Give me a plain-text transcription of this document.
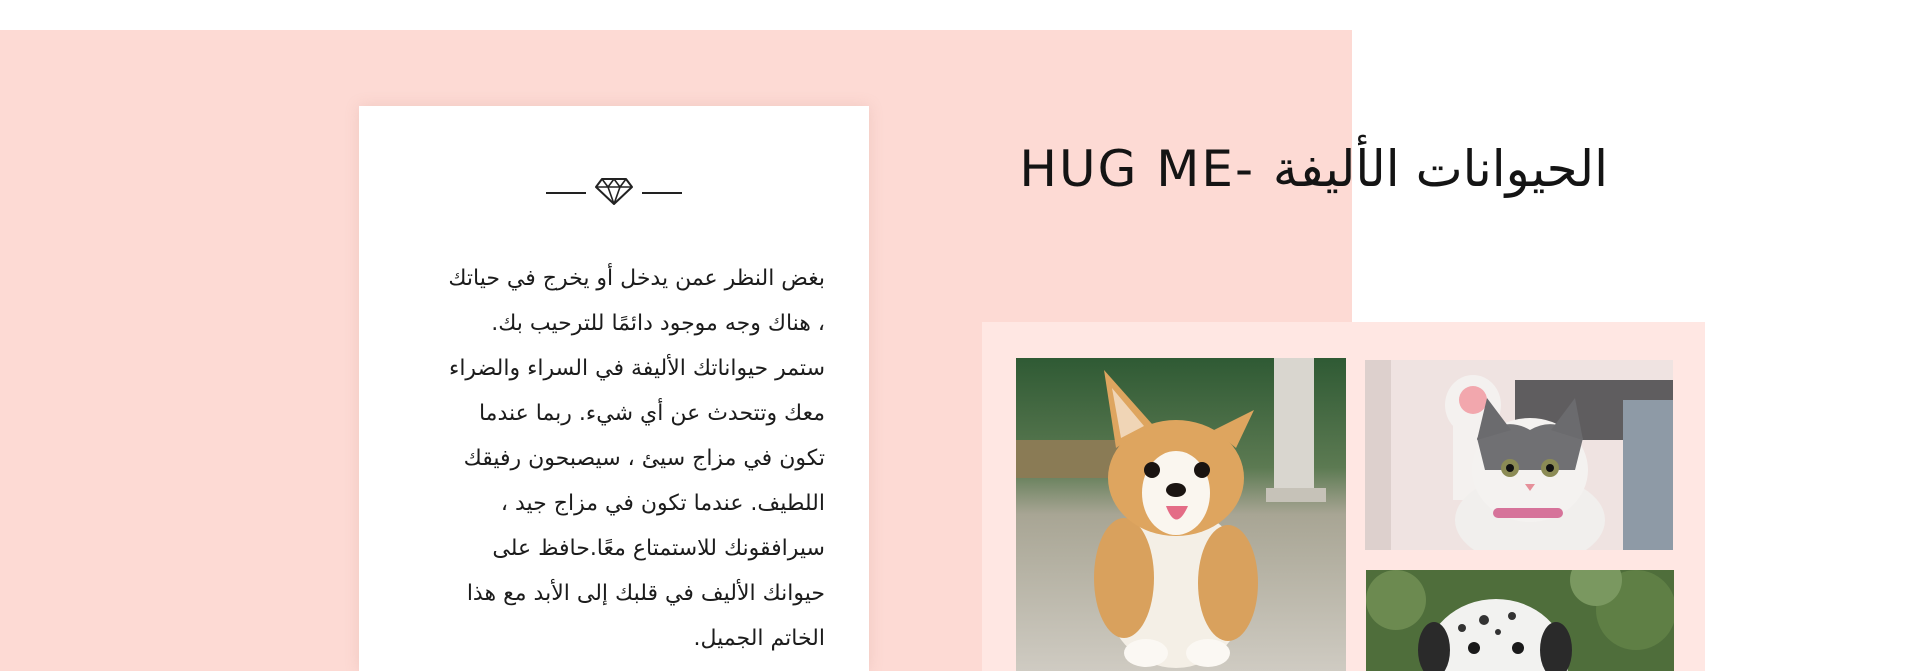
بغض النظر عمن يدخل أو يخرج في حياتك
، هناك وجه موجود دائمًا للترحيب بك.
ستمر حيواناتك الأليفة في السراء والضراء
معك وتتحدث عن أي شيء. ربما عندما
تكون في مزاج سيئ ، سيصبحون رفيقك
اللطيف. عندما تكون في مزاج جيد ،
سيرافقونك للاستمتاع معًا.حافظ على
حيوانك الأليف في قلبك إلى الأبد مع هذا
الخاتم الجميل.
HUG ME- الحيوانات الأليفة
